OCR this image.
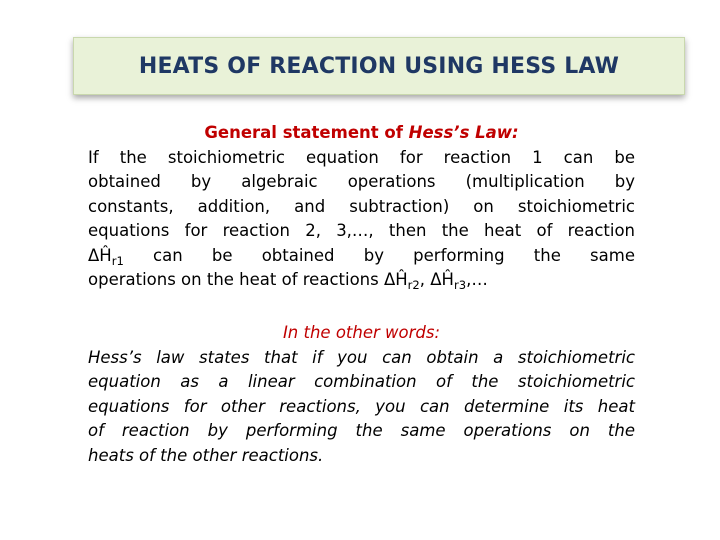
HEATS OF REACTION USING HESS LAW

General statement of Hess’s Law:

If the stoichiometric equation for reaction 1 can be
obtained by algebraic operations (multiplication by
constants, addition, and subtraction) on stoichiometric
equations for reaction 2, 3,…, then the heat of reaction
$\Delta Ĥ_{r1}$ can be obtained by performing the same
operations on the heat of reactions $\Delta Ĥ_{r2}$, $\Delta Ĥ_{r3},\dots$

In the other words:

Hess’s law states that if you can obtain a stoichiometric
equation as a linear combination of the stoichiometric
equations for other reactions, you can determine its heat
of reaction by performing the same operations on the
heats of the other reactions.
